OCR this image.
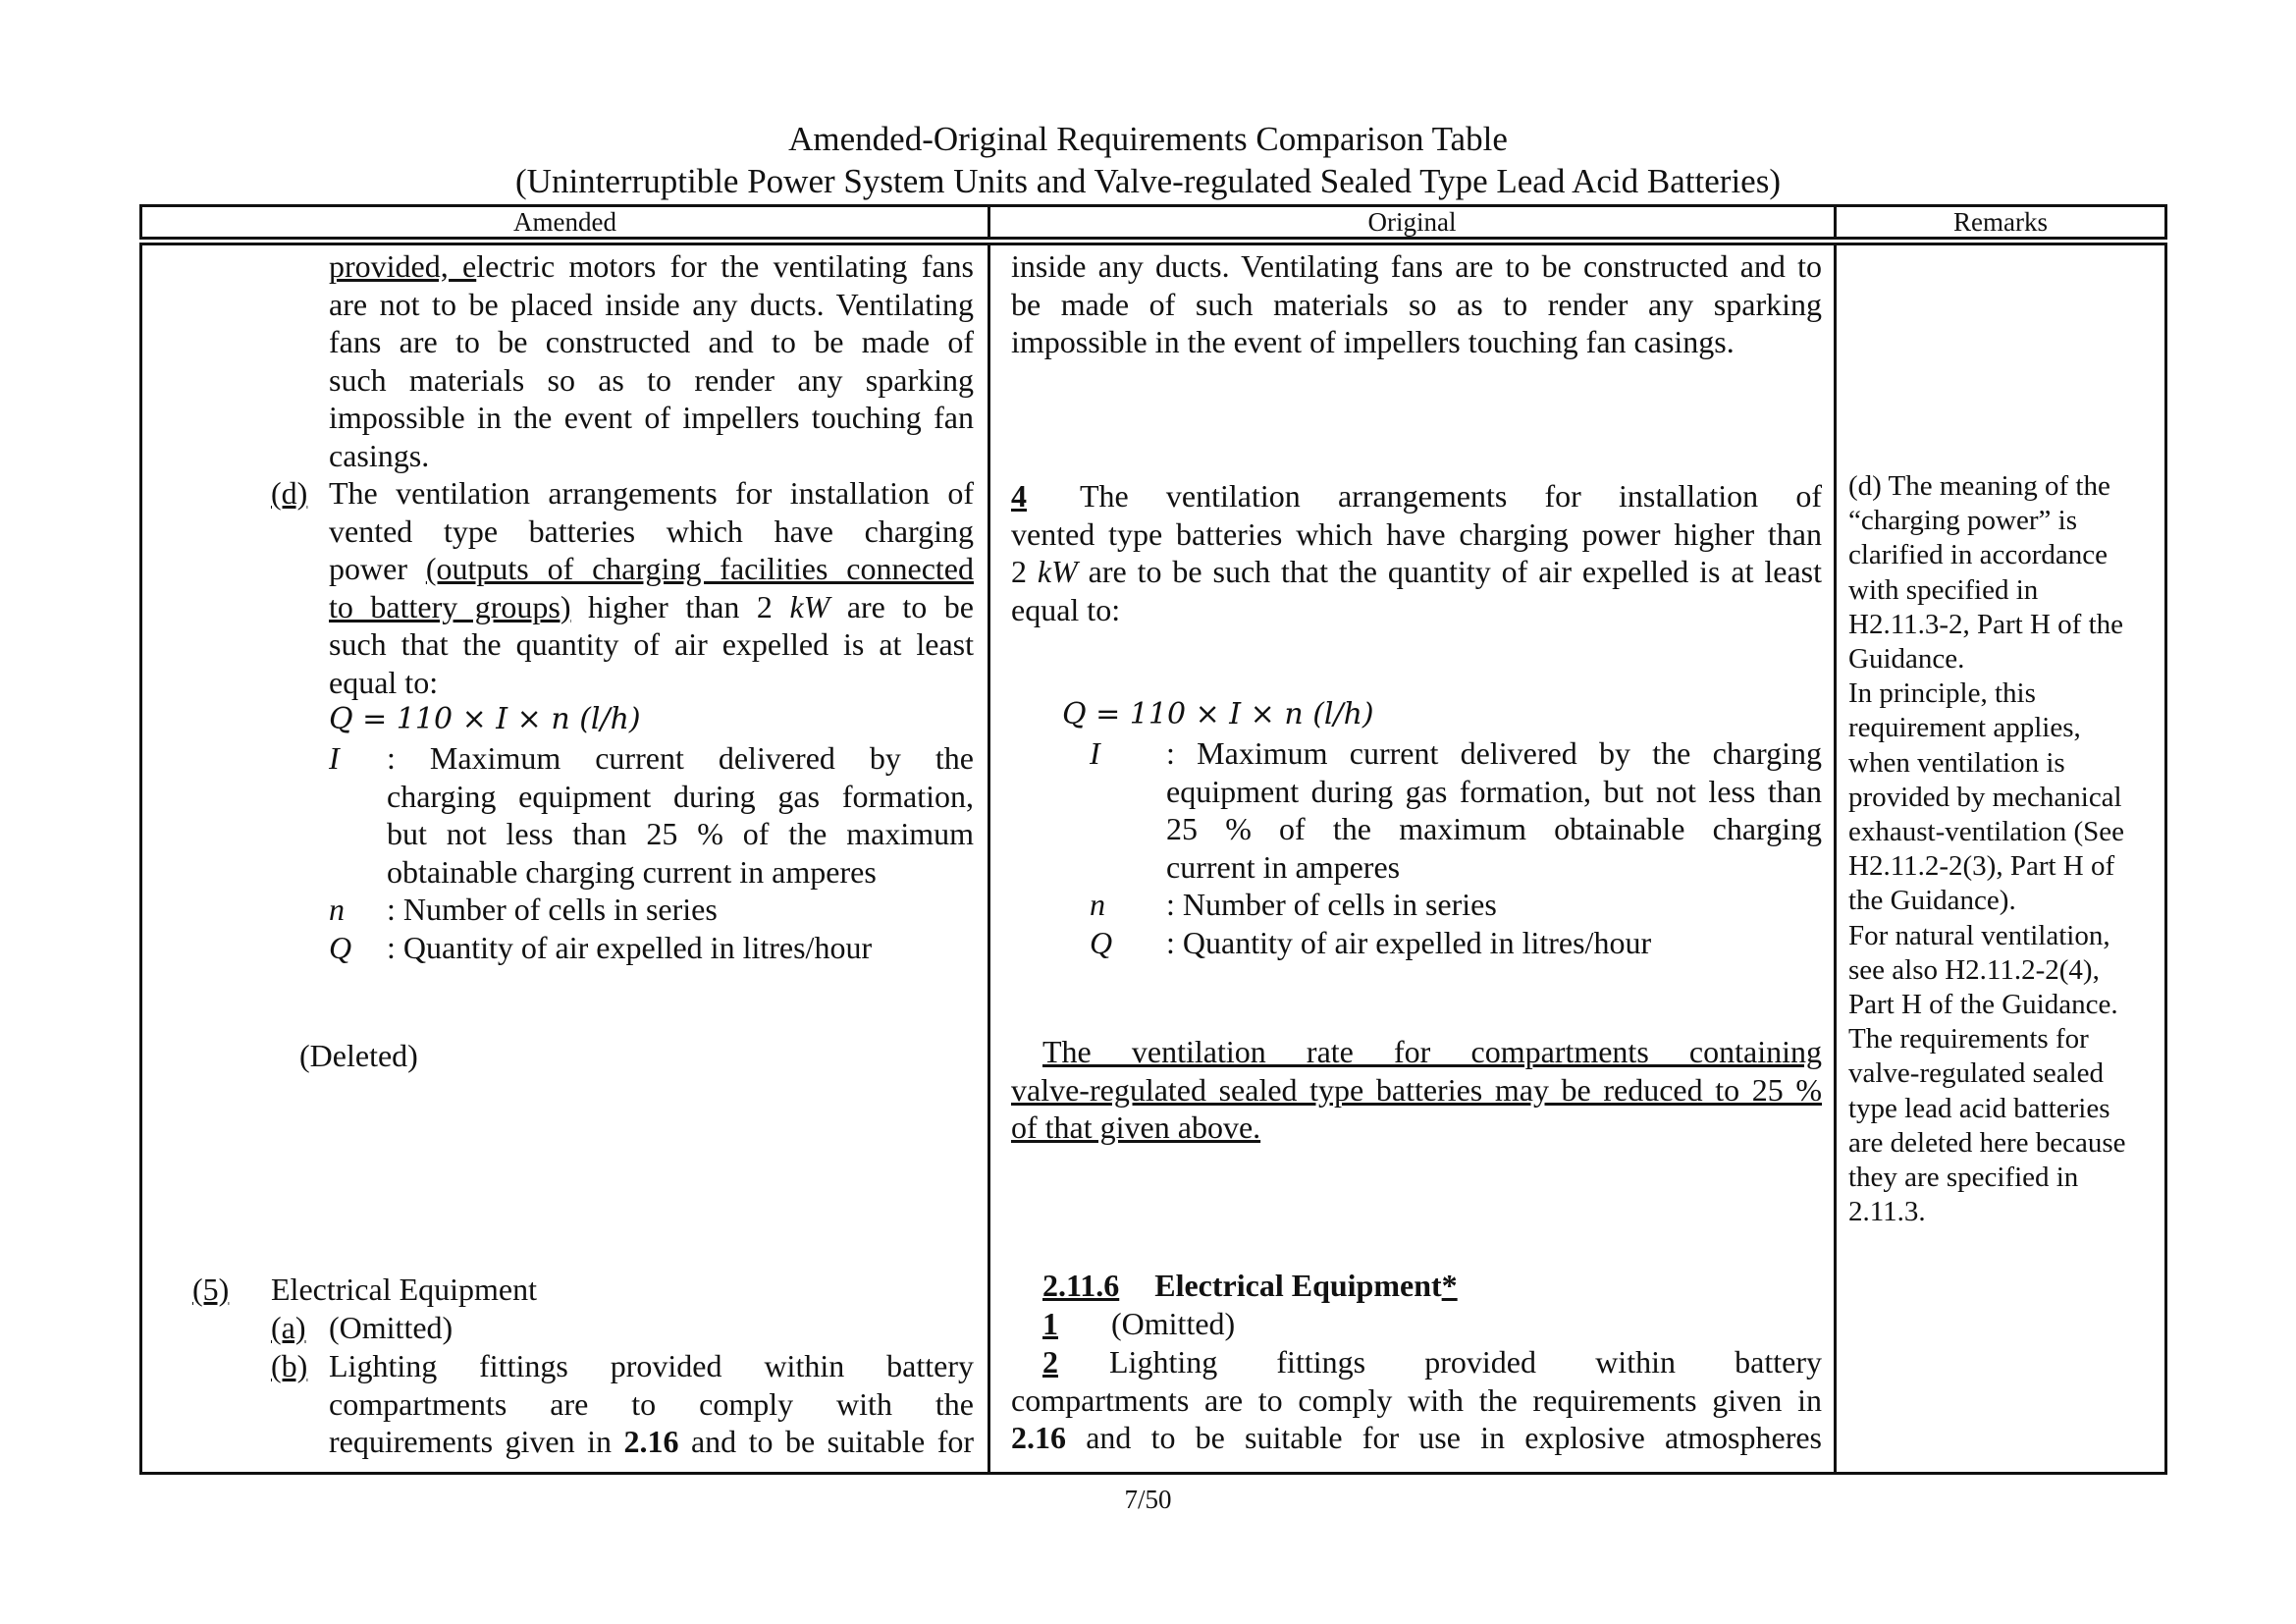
Amended-Original Requirements Comparison Table
(Uninterruptible Power System Units and Valve-regulated Sealed Type Lead Acid Batteries)
Amended	Original	Remarks
provided, electric motors for the ventilating fans
are not to be placed inside any ducts. Ventilating
fans are to be constructed and to be made of
such materials so as to render any sparking
impossible in the event of impellers touching fan
casings.
(d) The ventilation arrangements for installation of
vented type batteries which have charging
power (outputs of charging facilities connected
to battery groups) higher than 2 kW are to be
such that the quantity of air expelled is at least
equal to:
Q = 110 × I × n (l/h)
I : Maximum current delivered by the
charging equipment during gas formation,
but not less than 25 % of the maximum
obtainable charging current in amperes
n : Number of cells in series
Q : Quantity of air expelled in litres/hour
(Deleted)
(5) Electrical Equipment
(a) (Omitted)
(b) Lighting fittings provided within battery
compartments are to comply with the
requirements given in 2.16 and to be suitable for
inside any ducts. Ventilating fans are to be constructed and to
be made of such materials so as to render any sparking
impossible in the event of impellers touching fan casings.
4 The ventilation arrangements for installation of
vented type batteries which have charging power higher than
2 kW are to be such that the quantity of air expelled is at least
equal to:
Q = 110 × I × n (l/h)
I : Maximum current delivered by the charging
equipment during gas formation, but not less than
25 % of the maximum obtainable charging
current in amperes
n : Number of cells in series
Q : Quantity of air expelled in litres/hour
The ventilation rate for compartments containing
valve-regulated sealed type batteries may be reduced to 25 %
of that given above.
2.11.6 Electrical Equipment*
1 (Omitted)
2 Lighting fittings provided within battery
compartments are to comply with the requirements given in
2.16 and to be suitable for use in explosive atmospheres
(d) The meaning of the
“charging power” is
clarified in accordance
with specified in
H2.11.3-2, Part H of the
Guidance.
In principle, this
requirement applies,
when ventilation is
provided by mechanical
exhaust-ventilation (See
H2.11.2-2(3), Part H of
the Guidance).
For natural ventilation,
see also H2.11.2-2(4),
Part H of the Guidance.
The requirements for
valve-regulated sealed
type lead acid batteries
are deleted here because
they are specified in
2.11.3.
7/50
